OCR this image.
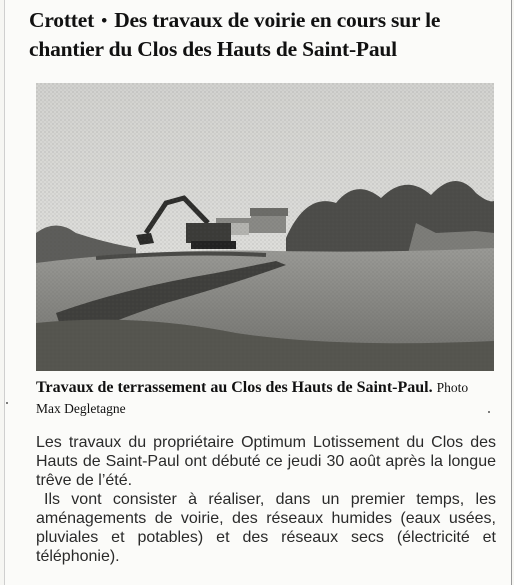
Crottet • Des travaux de voirie en cours sur le chantier du Clos des Hauts de Saint-Paul

Travaux de terrassement au Clos des Hauts de Saint-Paul. Photo Max Degletagne

Les travaux du propriétaire Optimum Lotissement du Clos des Hauts de Saint-Paul ont débuté ce jeudi 30 août après la longue trêve de l’été.

Ils vont consister à réaliser, dans un premier temps, les aménagements de voirie, des réseaux humides (eaux usées, pluviales et potables) et des réseaux secs (électricité et téléphonie).
